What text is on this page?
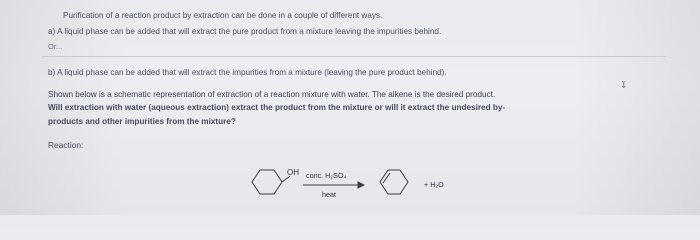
Purification of a reaction product by extraction can be done in a couple of different ways.
a) A liquid phase can be added that will extract the pure product from a mixture leaving the impurities behind.
Or...
b) A liquid phase can be added that will extract the impurities from a mixture (leaving the pure product behind).
↧
Shown below is a schematic representation of extraction of a reaction mixture with water. The alkene is the desired product.
Will extraction with water (aqueous extraction) extract the product from the mixture or will it extract the undesired by-
products and other impurities from the mixture?
Reaction:
OH conc. H₂SO₄
heat
+ H₂O
